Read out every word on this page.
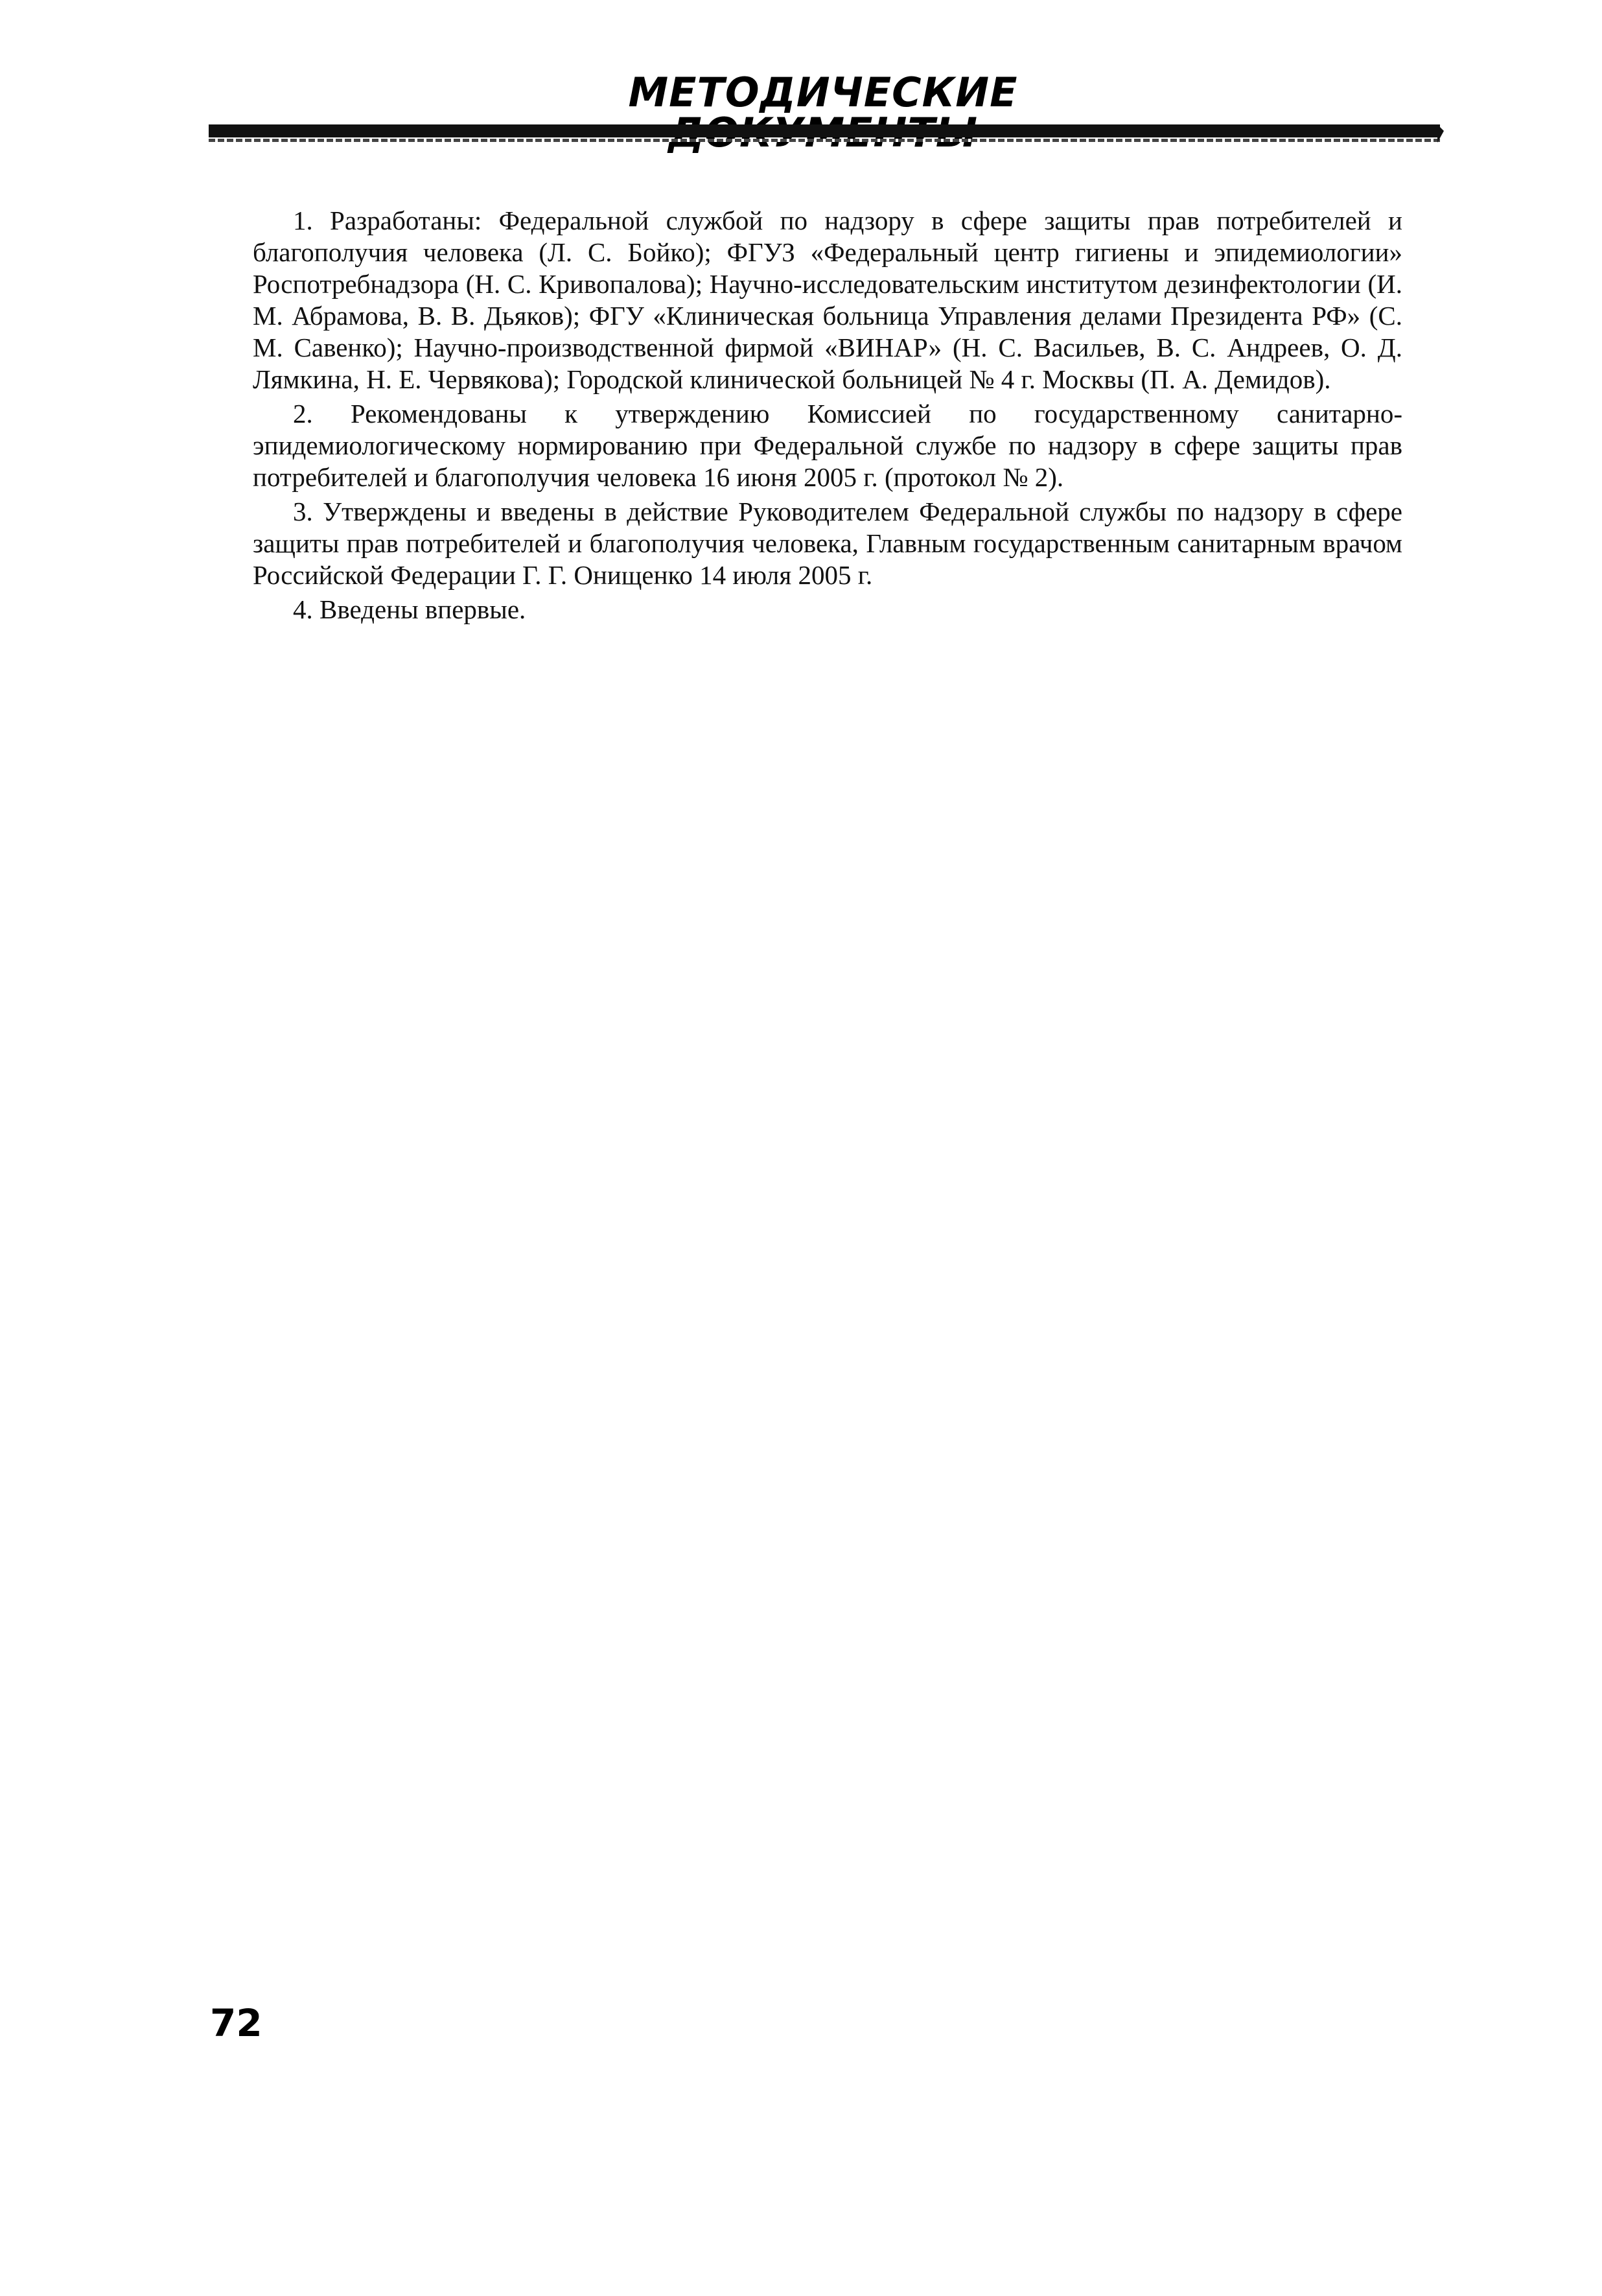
МЕТОДИЧЕСКИЕ

1. Разработаны: Федеральной службой по надзору в сфере защиты прав потребителей и благополучия человека (Л. С. Бойко); ФГУЗ «Федеральный центр гигиены и эпидемиологии» Роспотребнадзора (Н. С. Кривопалова); Научно-исследовательским институтом дезинфектологии (И. М. Абрамова, В. В. Дьяков); ФГУ «Клиническая больница Управления делами Президента РФ» (С. М. Савенко); Научно-производственной фирмой «ВИНАР» (Н. С. Васильев, В. С. Андреев, О. Д. Лямкина, Н. Е. Червякова); Городской клинической больницей № 4 г. Москвы (П. А. Демидов).

2. Рекомендованы к утверждению Комиссией по государственному санитарно-эпидемиологическому нормированию при Федеральной службе по надзору в сфере защиты прав потребителей и благополучия человека 16 июня 2005 г. (протокол № 2).

3. Утверждены и введены в действие Руководителем Федеральной службы по надзору в сфере защиты прав потребителей и благополучия человека, Главным государственным санитарным врачом Российской Федерации Г. Г. Онищенко 14 июля 2005 г.

4. Введены впервые.

72
